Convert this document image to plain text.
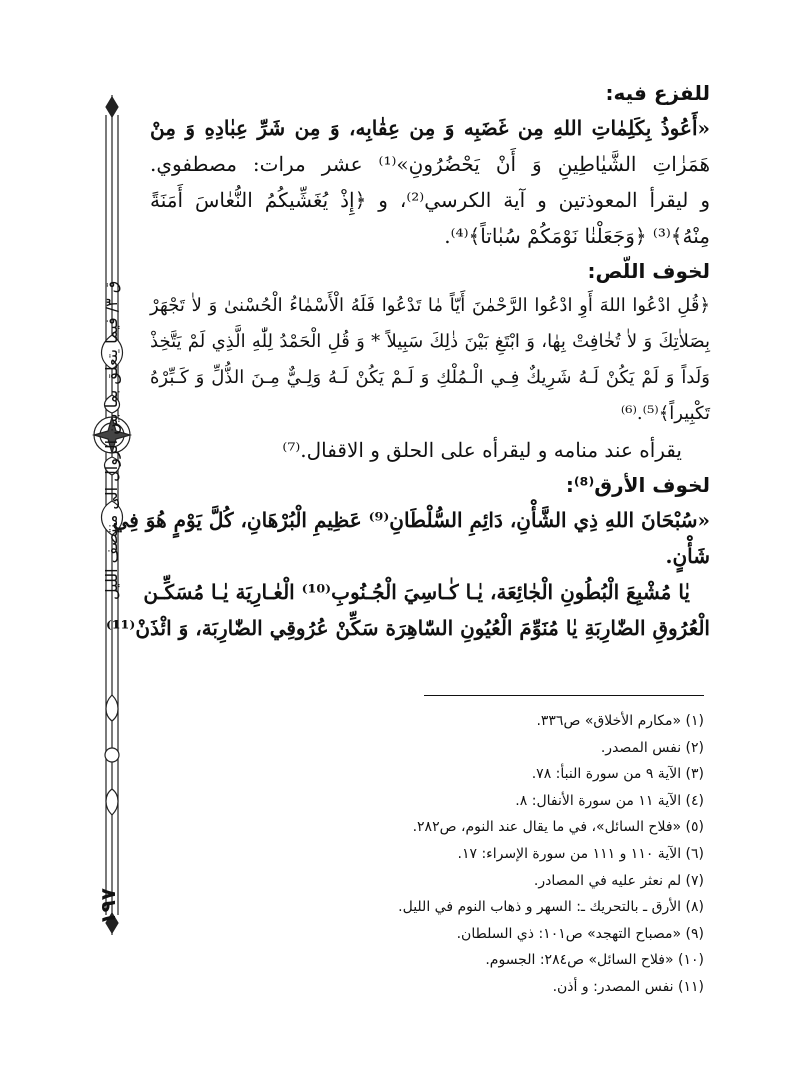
ق ٣/ فيما يتعلق بما بين الزوال الى منتصف الليل
١٩٧

للفزع فيه:

«أَعُوذُ بِكَلِمٰاتِ اللهِ مِن غَضَبِه وَ مِن عِقٰابِه، وَ مِن شَرِّ عِبٰادِهِ وَ مِنْ

هَمَزٰاتِ الشَّيٰاطِينِ وَ أَنْ يَحْضُرُونِ»⁽¹⁾ عشر مرات: مصطفوي.

و ليقرأ المعوذتين و آية الكرسي⁽²⁾، و ﴿إِذْ يُغَشِّيكُمُ النُّعٰاسَ أَمَنَةً

مِنْهُ﴾⁽³⁾ ﴿وَجَعَلْنٰا نَوْمَكُمْ سُبٰاتاً﴾⁽⁴⁾.

لخوف اللّص:

﴿قُلِ ادْعُوا اللهَ أَوِ ادْعُوا الرَّحْمٰنَ أَيّاً مٰا تَدْعُوا فَلَهُ الْأَسْمٰاءُ الْحُسْنىٰ وَ لاٰ تَجْهَرْ

بِصَلاٰتِكَ وَ لاٰ تُخٰافِتْ بِهٰا، وَ ابْتَغِ بَيْنَ ذٰلِكَ سَبِيلاً * وَ قُلِ الْحَمْدُ لِلّٰهِ الَّذِي لَمْ يَتَّخِذْ

وَلَداً وَ لَمْ يَكُنْ لَـهُ شَرِيكٌ فِـي الْـمُلْكِ وَ لَـمْ يَكُنْ لَـهُ وَلِـيٌّ مِـنَ الذُّلِّ وَ كَـبِّرْهُ

تَكْبِيراً﴾⁽⁵⁾.⁽⁶⁾

يقرأه عند منامه و ليقرأه على الحلق و الاقفال.⁽⁷⁾

لخوف الأرق⁽⁸⁾:

«سُبْحَانَ اللهِ ذِي الشَّأْنِ، دَائِمِ السُّلْطَانِ⁽⁹⁾ عَظِيمِ الْبُرْهَانِ، كُلَّ يَوْمٍ هُوَ فِي

شَأْنٍ.

يٰا مُشْبِعَ الْبُطُونِ الْجٰائِعَة، يٰـا كٰـاسِيَ الْجُـنُوبِ⁽¹⁰⁾ الْعٰـارِيَة يٰـا مُسَكِّـن

الْعُرُوقِ الضّٰارِبَةِ يٰا مُنَوِّمَ الْعُيُونِ السّٰاهِرَة سَكِّنْ عُرُوقِي الضّٰارِبَة، وَ ائْذَنْ⁽¹¹⁾

(١) «مكارم الأخلاق» ص٣٣٦.
(٢) نفس المصدر.
(٣) الآية ٩ من سورة النبأ: ٧٨.
(٤) الآية ١١ من سورة الأنفال: ٨.
(٥) «فلاح السائل»، في ما يقال عند النوم، ص٢٨٢.
(٦) الآية ١١٠ و ١١١ من سورة الإسراء: ١٧.
(٧) لم نعثر عليه في المصادر.
(٨) الأرق ـ بالتحريك ـ: السهر و ذهاب النوم في الليل.
(٩) «مصباح التهجد» ص١٠١: ذي السلطان.
(١٠) «فلاح السائل» ص٢٨٤: الجسوم.
(١١) نفس المصدر: و أذن.
